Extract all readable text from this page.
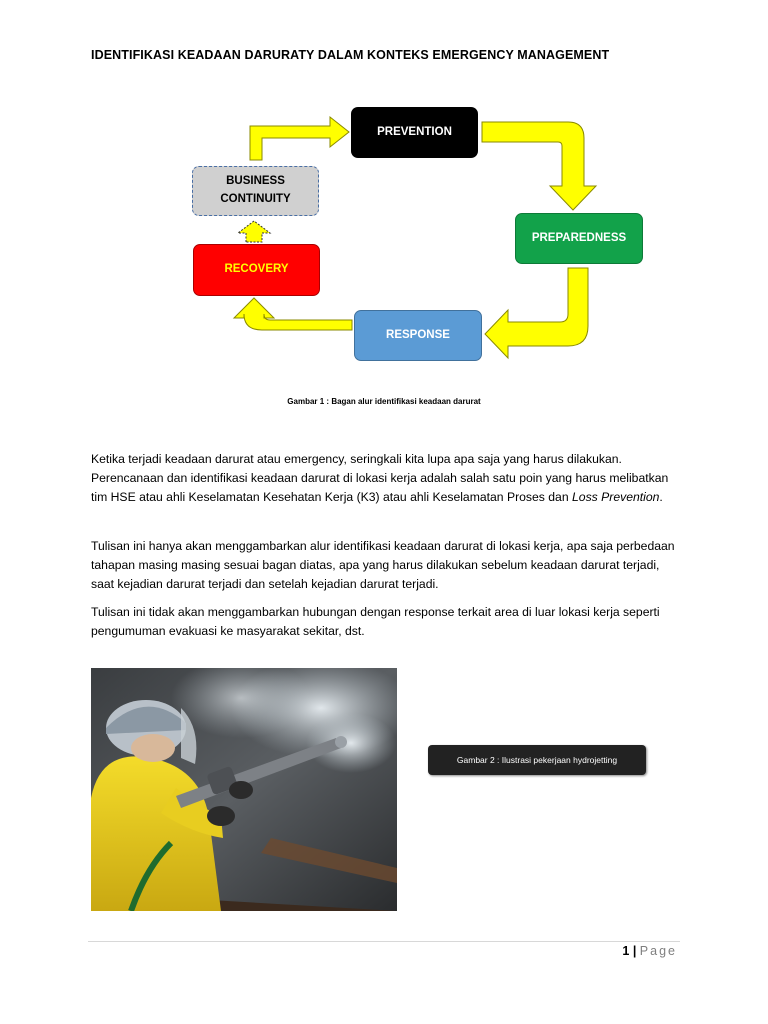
IDENTIFIKASI KEADAAN DARURATY DALAM KONTEKS EMERGENCY MANAGEMENT
PREVENTION
PREPAREDNESS
RESPONSE
RECOVERY
BUSINESS
CONTINUITY
Gambar 1 : Bagan alur identifikasi keadaan darurat
Ketika terjadi keadaan darurat atau emergency, seringkali kita lupa apa saja yang harus dilakukan. Perencanaan dan identifikasi keadaan darurat di lokasi kerja adalah salah satu poin yang harus melibatkan tim HSE atau ahli Keselamatan Kesehatan Kerja (K3) atau ahli Keselamatan Proses dan Loss Prevention.
Tulisan ini hanya akan menggambarkan alur identifikasi keadaan darurat di lokasi kerja, apa saja perbedaan tahapan masing masing sesuai bagan diatas, apa yang harus dilakukan sebelum keadaan darurat terjadi, saat kejadian darurat terjadi dan setelah kejadian darurat terjadi.
Tulisan ini tidak akan menggambarkan hubungan dengan response terkait area di luar lokasi kerja seperti pengumuman evakuasi ke masyarakat sekitar, dst.
Gambar 2 : Ilustrasi pekerjaan hydrojetting
1 | Page
